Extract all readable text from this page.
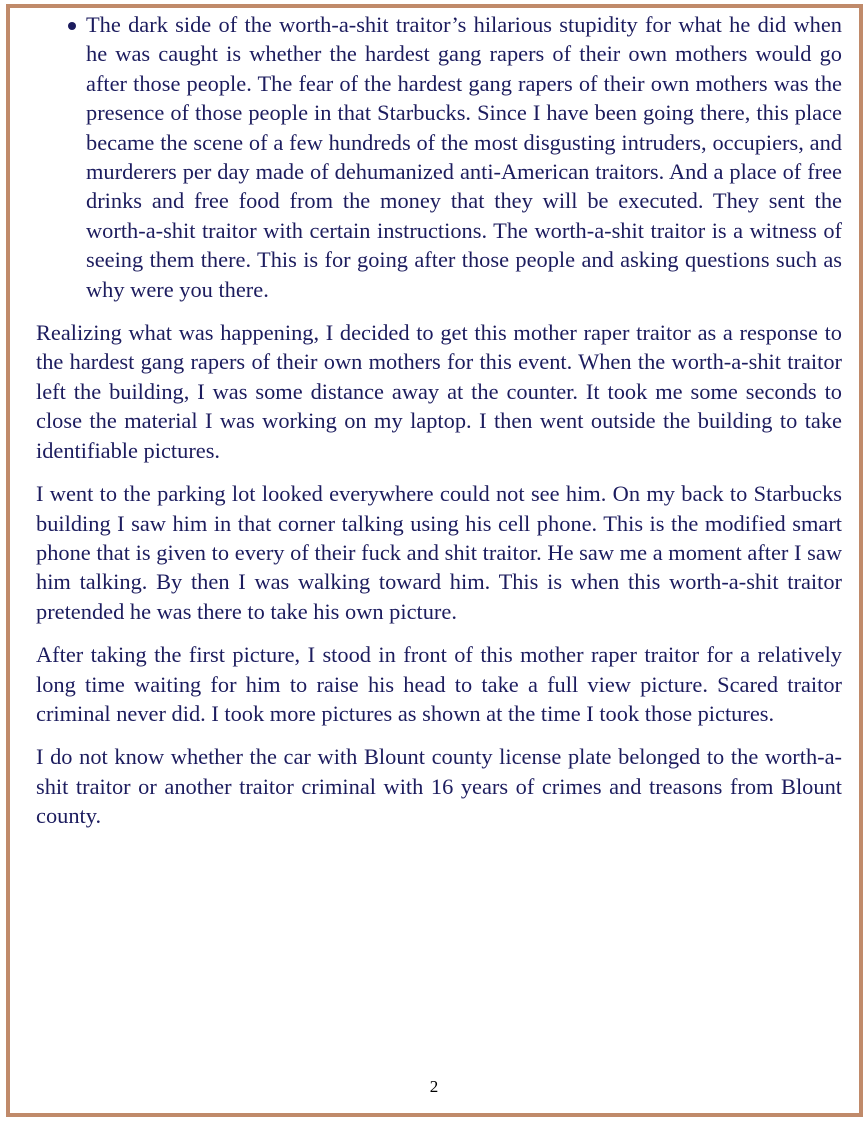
The dark side of the worth-a-shit traitor’s hilarious stupidity for what he did when he was caught is whether the hardest gang rapers of their own mothers would go after those people. The fear of the hardest gang rapers of their own mothers was the presence of those people in that Starbucks. Since I have been going there, this place became the scene of a few hundreds of the most disgusting intruders, occupiers, and murderers per day made of dehumanized anti-American traitors. And a place of free drinks and free food from the money that they will be executed. They sent the worth-a-shit traitor with certain instructions. The worth-a-shit traitor is a witness of seeing them there. This is for going after those people and asking questions such as why were you there.

Realizing what was happening, I decided to get this mother raper traitor as a response to the hardest gang rapers of their own mothers for this event. When the worth-a-shit traitor left the building, I was some distance away at the counter. It took me some seconds to close the material I was working on my laptop. I then went outside the building to take identifiable pictures.

I went to the parking lot looked everywhere could not see him. On my back to Starbucks building I saw him in that corner talking using his cell phone. This is the modified smart phone that is given to every of their fuck and shit traitor. He saw me a moment after I saw him talking. By then I was walking toward him. This is when this worth-a-shit traitor pretended he was there to take his own picture.

After taking the first picture, I stood in front of this mother raper traitor for a relatively long time waiting for him to raise his head to take a full view picture. Scared traitor criminal never did. I took more pictures as shown at the time I took those pictures.

I do not know whether the car with Blount county license plate belonged to the worth-a-shit traitor or another traitor criminal with 16 years of crimes and treasons from Blount county.

2
